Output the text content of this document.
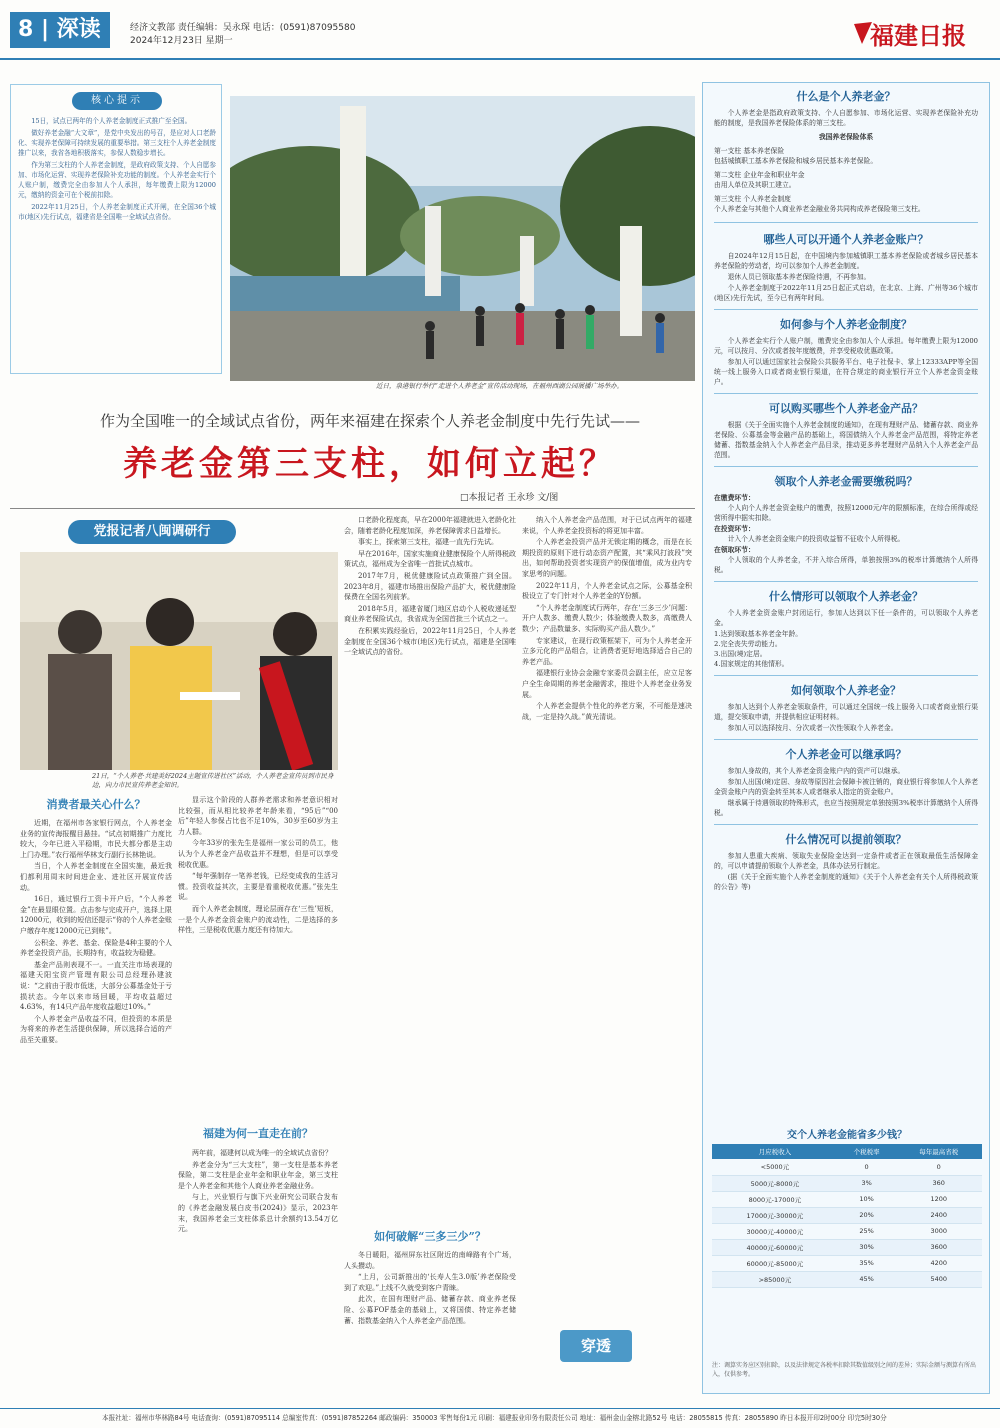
8 | 深读	经济文教部 责任编辑：吴永琛 电话：(0591)87095580
2024年12月23日 星期一	福建日报
核心提示

15日，试点已两年的个人养老金制度正式推广至全国。

做好养老金融“大文章”，是党中央发出的号召，是应对人口老龄化、实现养老保障可持续发展的重要举措。第三支柱个人养老金制度推广以来，我省各地积极落实，参保人数稳步增长。

作为第三支柱的个人养老金制度，是政府政策支持、个人自愿参加、市场化运营、实现养老保险补充功能的制度。个人养老金实行个人账户制，缴费完全由参加人个人承担，每年缴费上限为12000元，缴纳的资金可在个税前扣除。

2022年11月25日，个人养老金制度正式开闸，在全国36个城市(地区)先行试点，福建省是全国唯一全域试点省份。

近日，泉港银行举行“走进个人养老金”宣传活动现场，在福州西湖公园展播广场举办。
作为全国唯一的全域试点省份，两年来福建在探索个人养老金制度中先行先试——
养老金第三支柱，如何立起？
□本报记者 王永珍 文/图
党报记者八闽调研行
21日，“个人养老·共建美好2024主题宣传进社区”活动，个人养老金宣传员到市民身边，向力市民宣传养老金知识。
消费者最关心什么？

近期，在福州市各家银行网点，个人养老金业务的宣传海报醒目悬挂。“试点初期推广力度比较大，今年已进入平稳期，市民大都分都是主动上门办理。”农行福州华林支行副行长林艳说。

当日，个人养老金制度在全国实施，最近我们都利用周末时间进企业、进社区开展宣传活动。

16日，通过银行工资卡开户后，“个人养老金”在最显眼位置。点击参与完成开户，选择上限12000元，收到的短信还提示“你的个人养老金账户缴存年度12000元已到账”。

公积金、养老、基金、保险是4种主要的个人养老金投资产品，长期持有，收益较为稳健。

基金产品则表现不一。一直关注市场表现的福建天阳宝资产管理有限公司总经理孙建波说：“之前由于股市低迷，大部分公募基金处于亏损状态。今年以来市场回暖，平均收益超过4.63%，有14只产品年度收益超过10%。”

个人养老金产品收益不同，但投资的本质是为将来的养老生活提供保障，所以选择合适的产品至关重要。

显示这个阶段的人群养老需求和养老意识相对比较强，而从相比较养老年龄来看，“95后”“00后”年轻人参保占比也不足10%，30岁至60岁为主力人群。

今年33岁的张先生是福州一家公司的员工，他认为个人养老金产品收益并不理想，但是可以享受税收优惠。

“每年强制存一笔养老钱，已经变成我的生活习惯。投资收益其次，主要是看重税收优惠。”张先生说。

而个人养老金制度，理论层面存在‘三性’短板，一是个人养老金资金账户的流动性，二是选择的多样性，三是税收优惠力度还有待加大。

福建为何一直走在前？

两年前，福建何以成为唯一的全域试点省份？

养老金分为“三大支柱”，第一支柱是基本养老保险，第二支柱是企业年金和职业年金，第三支柱是个人养老金和其他个人商业养老金融业务。

与上，兴业银行与旗下兴业研究公司联合发布的《养老金融发展白皮书(2024)》显示，2023年末，我国养老金三支柱体系总计余额约13.54万亿元。

口老龄化程度高，早在2000年福建就进入老龄化社会，随着老龄化程度加深，养老保障需求日益增长。

事实上，探索第三支柱，福建一直先行先试。

早在2016年，国家实施商业健康保险个人所得税政策试点，福州成为全省唯一首批试点城市。

2017年7月，税优健康险试点政策推广到全国。2023年8月，福建市场推出保险产品扩大，税优健康险保费在全国名列前茅。

2018年5月，福建省厦门地区启动个人税收递延型商业养老保险试点，我省成为全国首批三个试点之一。

在积累实践经验后，2022年11月25日，个人养老金制度在全国36个城市(地区)先行试点，福建是全国唯一全域试点的省份。

如何破解“三多三少”？

冬日暖阳，福州屏东社区附近的南峰路有个广场，人头攒动。

“上月，公司新推出的‘长寿人生3.0版’养老保险受到了欢迎。”上线不久就受到客户青睐。

此次，在国有理财产品、储蓄存款、商业养老保险、公募FOF基金的基础上，又将国债、特定养老储蓄、指数基金纳入个人养老金产品范围。

纳入个人养老金产品范围，对于已试点两年的福建来说，个人养老金投资标的将更加丰富。

个人养老金投资产品并无锁定期的概念，而是在长期投资的原则下进行动态资产配置，其“乘风打波段”突出，如何帮助投资者实现资产的保值增值，成为业内专家思考的问题。

2022年11月，个人养老金试点之际，公募基金积极设立了专门针对个人养老金的Y份额。

“个人养老金制度试行两年，存在‘三多三少’问题：开户人数多、缴费人数少；体验缴费人数多，高缴费人数少；产品数量多、实际购买产品人数少。”

专家建议，在现行政策框架下，可为个人养老金开立多元化的产品组合，让消费者更好地选择适合自己的养老产品。

福建银行业协会金融专家委员会副主任，应立足客户全生命周期的养老金融需求，推进个人养老金业务发展。

个人养老金提供个性化的养老方案，不可能是速决战，一定是持久战。”黄光清说。

穿透
什么是个人养老金？

个人养老金是指政府政策支持、个人自愿参加、市场化运营、实现养老保险补充功能的制度，是我国养老保险体系的第三支柱。

我国养老保险体系
第一支柱 基本养老保险
包括城镇职工基本养老保险和城乡居民基本养老保险。
第二支柱 企业年金和职业年金
由用人单位及其职工建立。
第三支柱 个人养老金制度
个人养老金与其他个人商业养老金融业务共同构成养老保险第三支柱。
哪些人可以开通个人养老金账户？

自2024年12月15日起，在中国境内参加城镇职工基本养老保险或者城乡居民基本养老保险的劳动者，均可以参加个人养老金制度。

退休人员已领取基本养老保险待遇，不再参加。

个人养老金制度于2022年11月25日起正式启动，在北京、上海、广州等36个城市(地区)先行先试，至今已有两年时间。

如何参与个人养老金制度？

个人养老金实行个人账户制，缴费完全由参加人个人承担。每年缴费上限为12000元，可以按月、分次或者按年度缴费，并享受税收优惠政策。

参加人可以通过国家社会保险公共服务平台、电子社保卡、掌上12333APP等全国统一线上服务入口或者商业银行渠道，在符合规定的商业银行开立个人养老金资金账户。

可以购买哪些个人养老金产品？

根据《关于全面实施个人养老金制度的通知》，在现有理财产品、储蓄存款、商业养老保险、公募基金等金融产品的基础上，将国债纳入个人养老金产品范围，将特定养老储蓄、指数基金纳入个人养老金产品目录，推动更多养老理财产品纳入个人养老金产品范围。

领取个人养老金需要缴税吗？
在缴费环节：

个人向个人养老金资金账户的缴费，按照12000元/年的限额标准，在综合所得或经营所得中据实扣除。

在投资环节：

计入个人养老金资金账户的投资收益暂不征收个人所得税。

在领取环节：

个人领取的个人养老金，不并入综合所得，单独按照3%的税率计算缴纳个人所得税。

什么情形可以领取个人养老金？

个人养老金资金账户封闭运行，参加人达到以下任一条件的，可以领取个人养老金。

1.达到领取基本养老金年龄。
2.完全丧失劳动能力。
3.出国(境)定居。
4.国家规定的其他情形。
如何领取个人养老金？

参加人达到个人养老金领取条件，可以通过全国统一线上服务入口或者商业银行渠道，提交领取申请，并提供相应证明材料。

参加人可以选择按月、分次或者一次性领取个人养老金。

个人养老金可以继承吗？

参加人身故的，其个人养老金资金账户内的资产可以继承。

参加人出国(境)定居、身故等原因社会保障卡被注销的，商业银行将参加人个人养老金资金账户内的资金转至其本人或者继承人指定的资金账户。

继承属于待遇领取的特殊形式，也应当按照规定单独按照3%税率计算缴纳个人所得税。

什么情况可以提前领取？

参加人患重大疾病、领取失业保险金达到一定条件或者正在领取最低生活保障金的，可以申请提前领取个人养老金，具体办法另行制定。

(据《关于全面实施个人养老金制度的通知》《关于个人养老金有关个人所得税政策的公告》等)

交个人养老金能省多少钱？
月应税收入	个税税率	每年最高省税
<5000元	0	0
5000元-8000元	3%	360
8000元-17000元	10%	1200
17000元-30000元	20%	2400
30000元-40000元	25%	3000
40000元-60000元	30%	3600
60000元-85000元	35%	4200
>85000元	45%	5400
注：调算实务应区别扣除，以及法律规定各税率扣除其数值级别之间的差异；实际金额与测算有所出入，仅供参考。
本报社址：福州市华林路84号 电话查询：(0591)87095114 总编室传真：(0591)87852264 邮政编码：350003 零售每份1元 印刷：福建报业印务有限责任公司 地址：福州金山金榕北路52号 电话：28055815 传真：28055890 昨日本报开印2时00分 印完5时30分
